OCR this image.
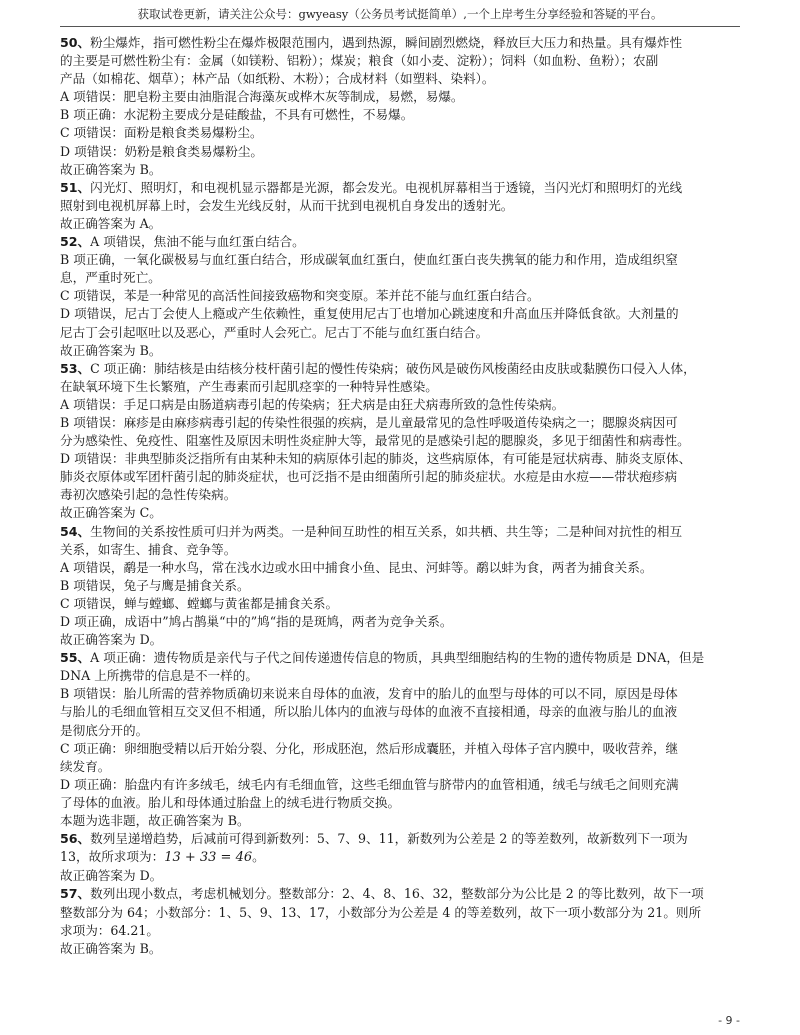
获取试卷更新，请关注公众号：gwyeasy（公务员考试挺简单）,一个上岸考生分享经验和答疑的平台。
50、粉尘爆炸，指可燃性粉尘在爆炸极限范围内，遇到热源，瞬间剧烈燃烧，释放巨大压力和热量。具有爆炸性
的主要是可燃性粉尘有：金属（如镁粉、铝粉）；煤炭；粮食（如小麦、淀粉）；饲料（如血粉、鱼粉）；农副
产品（如棉花、烟草）；林产品（如纸粉、木粉）；合成材料（如塑料、染料）。
A 项错误：肥皂粉主要由油脂混合海藻灰或桦木灰等制成，易燃，易爆。
B 项正确：水泥粉主要成分是硅酸盐，不具有可燃性，不易爆。
C 项错误：面粉是粮食类易爆粉尘。
D 项错误：奶粉是粮食类易爆粉尘。
故正确答案为 B。
51、闪光灯、照明灯，和电视机显示器都是光源，都会发光。电视机屏幕相当于透镜，当闪光灯和照明灯的光线
照射到电视机屏幕上时，会发生光线反射，从而干扰到电视机自身发出的透射光。
故正确答案为 A。
52、A 项错误，焦油不能与血红蛋白结合。
B 项正确，一氧化碳极易与血红蛋白结合，形成碳氧血红蛋白，使血红蛋白丧失携氧的能力和作用，造成组织窒
息，严重时死亡。
C 项错误，苯是一种常见的高活性间接致癌物和突变原。苯并芘不能与血红蛋白结合。
D 项错误，尼古丁会使人上瘾或产生依赖性，重复使用尼古丁也增加心跳速度和升高血压并降低食欲。大剂量的
尼古丁会引起呕吐以及恶心，严重时人会死亡。尼古丁不能与血红蛋白结合。
故正确答案为 B。
53、C 项正确：肺结核是由结核分枝杆菌引起的慢性传染病；破伤风是破伤风梭菌经由皮肤或黏膜伤口侵入人体，
在缺氧环境下生长繁殖，产生毒素而引起肌痉挛的一种特异性感染。
A 项错误：手足口病是由肠道病毒引起的传染病；狂犬病是由狂犬病毒所致的急性传染病。
B 项错误：麻疹是由麻疹病毒引起的传染性很强的疾病，是儿童最常见的急性呼吸道传染病之一；腮腺炎病因可
分为感染性、免疫性、阻塞性及原因未明性炎症肿大等，最常见的是感染引起的腮腺炎，多见于细菌性和病毒性。
D 项错误：非典型肺炎泛指所有由某种未知的病原体引起的肺炎，这些病原体，有可能是冠状病毒、肺炎支原体、
肺炎衣原体或军团杆菌引起的肺炎症状，也可泛指不是由细菌所引起的肺炎症状。水痘是由水痘——带状疱疹病
毒初次感染引起的急性传染病。
故正确答案为 C。
54、生物间的关系按性质可归并为两类。一是种间互助性的相互关系，如共栖、共生等；二是种间对抗性的相互
关系，如寄生、捕食、竞争等。
A 项错误，鹬是一种水鸟，常在浅水边或水田中捕食小鱼、昆虫、河蚌等。鹬以蚌为食，两者为捕食关系。
B 项错误，兔子与鹰是捕食关系。
C 项错误，蝉与螳螂、螳螂与黄雀都是捕食关系。
D 项正确，成语中”鸠占鹊巢“中的”鸠“指的是斑鸠，两者为竞争关系。
故正确答案为 D。
55、A 项正确：遗传物质是亲代与子代之间传递遗传信息的物质，具典型细胞结构的生物的遗传物质是 DNA，但是
DNA 上所携带的信息是不一样的。
B 项错误：胎儿所需的营养物质确切来说来自母体的血液，发育中的胎儿的血型与母体的可以不同，原因是母体
与胎儿的毛细血管相互交叉但不相通，所以胎儿体内的血液与母体的血液不直接相通，母亲的血液与胎儿的血液
是彻底分开的。
C 项正确：卵细胞受精以后开始分裂、分化，形成胚泡，然后形成囊胚，并植入母体子宫内膜中，吸收营养，继
续发育。
D 项正确：胎盘内有许多绒毛，绒毛内有毛细血管，这些毛细血管与脐带内的血管相通，绒毛与绒毛之间则充满
了母体的血液。胎儿和母体通过胎盘上的绒毛进行物质交换。
本题为选非题，故正确答案为 B。
56、数列呈递增趋势，后减前可得到新数列：5、7、9、11，新数列为公差是 2 的等差数列，故新数列下一项为
13，故所求项为：13 + 33 = 46。
故正确答案为 D。
57、数列出现小数点，考虑机械划分。整数部分：2、4、8、16、32，整数部分为公比是 2 的等比数列，故下一项
整数部分为 64；小数部分：1、5、9、13、17，小数部分为公差是 4 的等差数列，故下一项小数部分为 21。则所
求项为：64.21。
故正确答案为 B。
- 9 -
